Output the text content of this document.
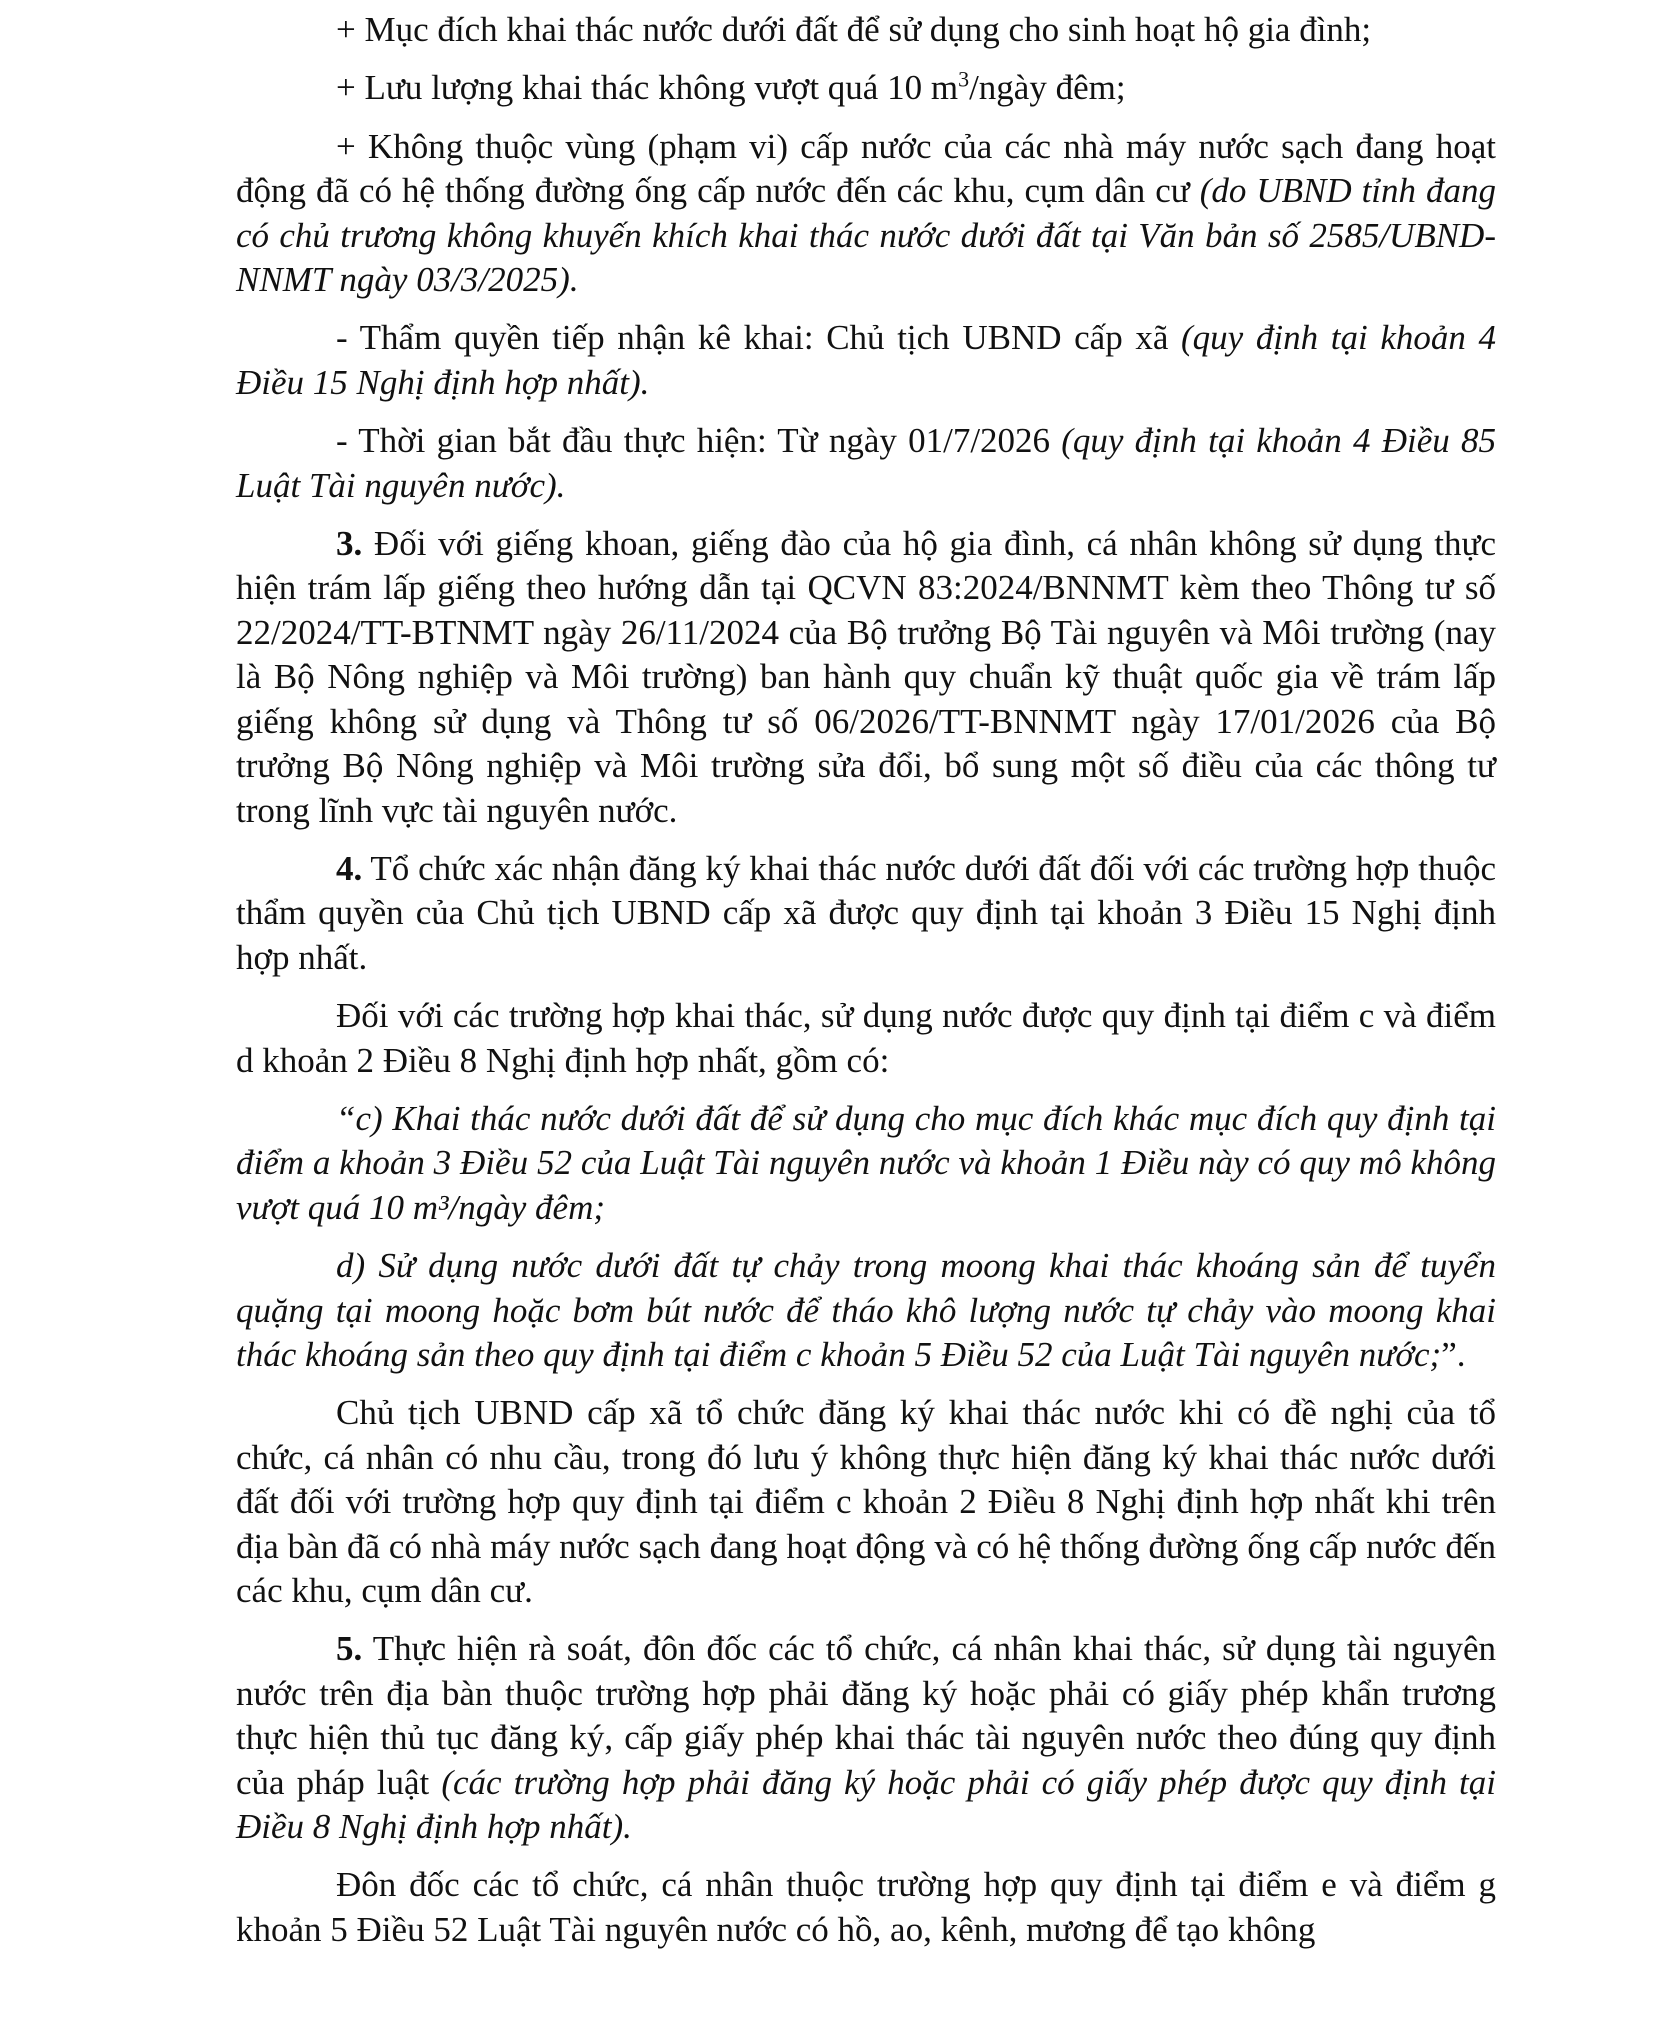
+ Mục đích khai thác nước dưới đất để sử dụng cho sinh hoạt hộ gia đình;

+ Lưu lượng khai thác không vượt quá 10 $m^3$/ngày đêm;

+ Không thuộc vùng (phạm vi) cấp nước của các nhà máy nước sạch đang hoạt động đã có hệ thống đường ống cấp nước đến các khu, cụm dân cư (do UBND tỉnh đang có chủ trương không khuyến khích khai thác nước dưới đất tại Văn bản số 2585/UBND-NNMT ngày 03/3/2025).

- Thẩm quyền tiếp nhận kê khai: Chủ tịch UBND cấp xã (quy định tại khoản 4 Điều 15 Nghị định hợp nhất).

- Thời gian bắt đầu thực hiện: Từ ngày 01/7/2026 (quy định tại khoản 4 Điều 85 Luật Tài nguyên nước).

3. Đối với giếng khoan, giếng đào của hộ gia đình, cá nhân không sử dụng thực hiện trám lấp giếng theo hướng dẫn tại QCVN 83:2024/BNNMT kèm theo Thông tư số 22/2024/TT-BTNMT ngày 26/11/2024 của Bộ trưởng Bộ Tài nguyên và Môi trường (nay là Bộ Nông nghiệp và Môi trường) ban hành quy chuẩn kỹ thuật quốc gia về trám lấp giếng không sử dụng và Thông tư số 06/2026/TT-BNNMT ngày 17/01/2026 của Bộ trưởng Bộ Nông nghiệp và Môi trường sửa đổi, bổ sung một số điều của các thông tư trong lĩnh vực tài nguyên nước.

4. Tổ chức xác nhận đăng ký khai thác nước dưới đất đối với các trường hợp thuộc thẩm quyền của Chủ tịch UBND cấp xã được quy định tại khoản 3 Điều 15 Nghị định hợp nhất.

Đối với các trường hợp khai thác, sử dụng nước được quy định tại điểm c và điểm d khoản 2 Điều 8 Nghị định hợp nhất, gồm có:

“c) Khai thác nước dưới đất để sử dụng cho mục đích khác mục đích quy định tại điểm a khoản 3 Điều 52 của Luật Tài nguyên nước và khoản 1 Điều này có quy mô không vượt quá 10 m³/ngày đêm;

d) Sử dụng nước dưới đất tự chảy trong moong khai thác khoáng sản để tuyển quặng tại moong hoặc bơm bút nước để tháo khô lượng nước tự chảy vào moong khai thác khoáng sản theo quy định tại điểm c khoản 5 Điều 52 của Luật Tài nguyên nước;”.

Chủ tịch UBND cấp xã tổ chức đăng ký khai thác nước khi có đề nghị của tổ chức, cá nhân có nhu cầu, trong đó lưu ý không thực hiện đăng ký khai thác nước dưới đất đối với trường hợp quy định tại điểm c khoản 2 Điều 8 Nghị định hợp nhất khi trên địa bàn đã có nhà máy nước sạch đang hoạt động và có hệ thống đường ống cấp nước đến các khu, cụm dân cư.

5. Thực hiện rà soát, đôn đốc các tổ chức, cá nhân khai thác, sử dụng tài nguyên nước trên địa bàn thuộc trường hợp phải đăng ký hoặc phải có giấy phép khẩn trương thực hiện thủ tục đăng ký, cấp giấy phép khai thác tài nguyên nước theo đúng quy định của pháp luật (các trường hợp phải đăng ký hoặc phải có giấy phép được quy định tại Điều 8 Nghị định hợp nhất).

Đôn đốc các tổ chức, cá nhân thuộc trường hợp quy định tại điểm e và điểm g khoản 5 Điều 52 Luật Tài nguyên nước có hồ, ao, kênh, mương để tạo không
